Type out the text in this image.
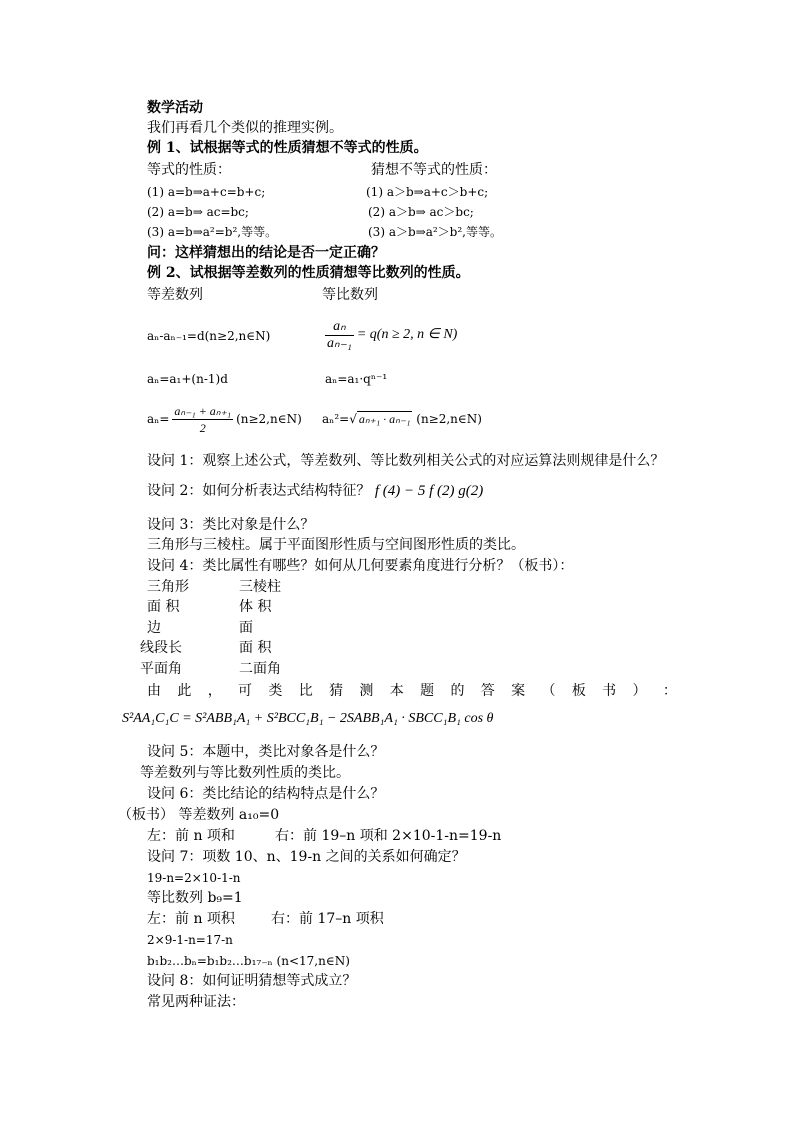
数学活动
我们再看几个类似的推理实例。
例 1、试根据等式的性质猜想不等式的性质。
等式的性质：	猜想不等式的性质：
(1) a=b⇒a+c=b+c;	(1) a＞b⇒a+c＞b+c;
(2) a=b⇒ ac=bc;	(2) a＞b⇒ ac＞bc;
(3) a=b⇒a²=b²,等等。	(3) a＞b⇒a²＞b²,等等。
问：这样猜想出的结论是否一定正确？
例 2、试根据等差数列的性质猜想等比数列的性质。
等差数列	等比数列
aₙ-aₙ₋₁=d(n≥2,n∈N)	$\frac{\text{aₙ}}{\text{aₙ₋₁}} = q(n \ge 2$, n ∈ N)
aₙ=a₁+(n-1)d	aₙ=a₁·qⁿ⁻¹
$a_n= \frac{\text{aₙ₋₁ + aₙ₊₁}}{2}$ (n≥2,n∈N) aₙ²=√ aₙ₊₁ · aₙ₋₁ (n≥2,n∈N)
设问 1：观察上述公式，等差数列、等比数列相关公式的对应运算法则规律是什么？
设问 2：如何分析表达式结构特征？ f (4) − 5 f (2) g(2)
设问 3：类比对象是什么？
三角形与三棱柱。属于平面图形性质与空间图形性质的类比。
设问 4：类比属性有哪些？如何从几何要素角度进行分析？（板书）：
三角形	三棱柱
面 积	体 积
边	面
线段长	面 积
平面角	二面角
由 此 ， 可 类 比 猜 测 本 题 的 答 案 （ 板 书 ） ：
S²AA₁C₁C = S²ABB₁A₁ + S²BCC₁B₁ − 2SABB₁A₁ · SBCC₁B₁ cos θ
设问 5：本题中，类比对象各是什么？
等差数列与等比数列性质的类比。
设问 6：类比结论的结构特点是什么？
（板书） 等差数列 a₁₀=0
左：前 n 项和	右：前 19–n 项和 2×10-1-n=19-n
设问 7：项数 10、n、19-n 之间的关系如何确定？
19-n=2×10-1-n
等比数列 b₉=1
左：前 n 项积	右：前 17–n 项积
2×9-1-n=17-n
b₁b₂…bₙ=b₁b₂…b₁₇₋ₙ (n<17,n∈N)
设问 8：如何证明猜想等式成立？
常见两种证法：
